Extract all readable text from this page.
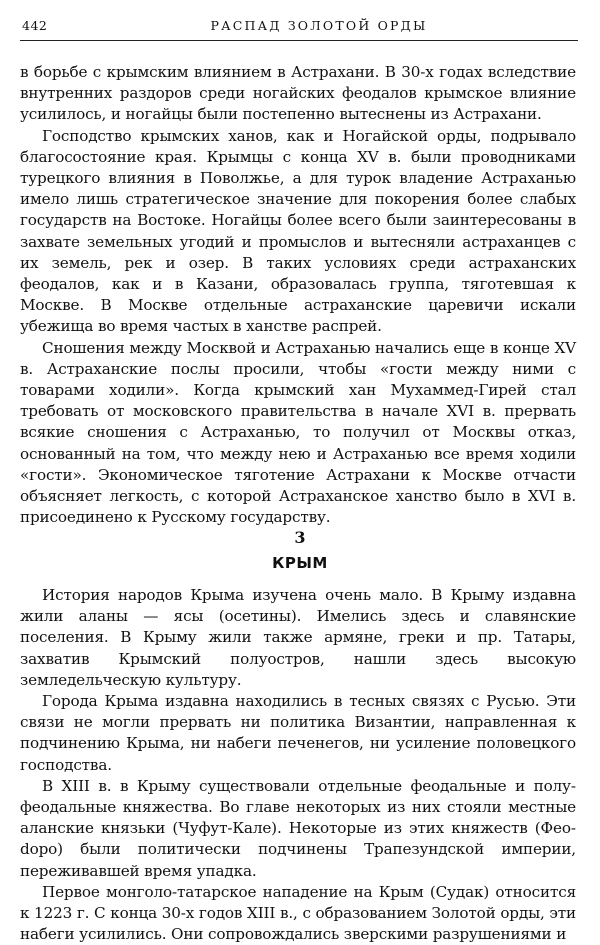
442	РАСПАД ЗОЛОТОЙ ОРДЫ

в борьбе с крымским влиянием в Астрахани. В 30-х годах вследствие внутренних раздоров среди ногайских феодалов крымское влияние усилилось, и ногайцы были постепенно вытеснены из Астрахани.

Господство крымских ханов, как и Ногайской орды, подрывало благосостояние края. Крымцы с конца XV в. были проводниками турецкого влияния в Поволжье, а для турок владение Астраханью имело лишь стратегическое значение для покорения более слабых государств на Востоке. Ногайцы более всего были заинтересованы в захвате земельных угодий и промыслов и вытесняли астраханцев с их земель, рек и озер. В таких условиях среди астраханских феодалов, как и в Казани, образовалась группа, тяготевшая к Москве. В Москве отдельные астраханские царевичи искали убежища во время частых в ханстве распрей.

Сношения между Москвой и Астраханью начались еще в конце XV в. Астраханские послы просили, чтобы «гости между ними с товарами ходили». Когда крымский хан Мухаммед-Гирей стал требовать от московского правительства в начале XVI в. прервать всякие сношения с Астраханью, то получил от Москвы отказ, основанный на том, что между нею и Астраханью все время ходили «гости». Экономическое тяготение Астрахани к Москве отчасти объясняет легкость, с которой Астраханское ханство было в XVI в. присоединено к Русскому государству.

3
КРЫМ

История народов Крыма изучена очень мало. В Крыму издавна жили аланы — ясы (осетины). Имелись здесь и славянские поселения. В Крыму жили также армяне, греки и пр. Татары, захватив Крымский полуостров, нашли здесь высокую земледельческую культуру.

Города Крыма издавна находились в тесных связях с Русью. Эти связи не могли прервать ни политика Византии, направленная к подчинению Крыма, ни набеги печенегов, ни усиление половецкого господства.

В XIII в. в Крыму существовали отдельные феодальные и полуфеодальные княжества. Во главе некоторых из них стояли местные аланские князьки (Чуфут-Кале). Некоторые из этих княжеств (Феоdоро) были политически подчинены Трапезундской империи, переживавшей время упадка.

Первое монголо-татарское нападение на Крым (Судак) относится к 1223 г. С конца 30-х годов XIII в., с образованием Золотой орды, эти набеги усилились. Они сопровождались зверскими разрушениями и
